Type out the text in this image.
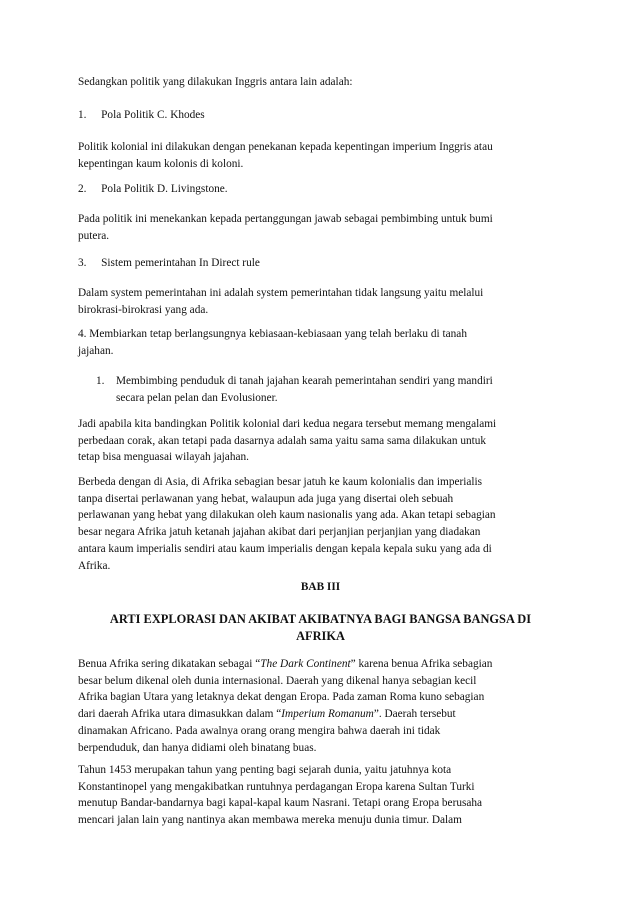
Sedangkan politik yang dilakukan Inggris antara lain adalah:
1. Pola Politik C. Khodes
Politik kolonial ini dilakukan dengan penekanan kepada kepentingan imperium Inggris atau
kepentingan kaum kolonis di koloni.
2. Pola Politik D. Livingstone.
Pada politik ini menekankan kepada pertanggungan jawab sebagai pembimbing untuk bumi
putera.
3. Sistem pemerintahan In Direct rule
Dalam system pemerintahan ini adalah system pemerintahan tidak langsung yaitu melalui
birokrasi-birokrasi yang ada.
4. Membiarkan tetap berlangsungnya kebiasaan-kebiasaan yang telah berlaku di tanah
jajahan.
1. Membimbing penduduk di tanah jajahan kearah pemerintahan sendiri yang mandiri
secara pelan pelan dan Evolusioner.
Jadi apabila kita bandingkan Politik kolonial dari kedua negara tersebut memang mengalami
perbedaan corak, akan tetapi pada dasarnya adalah sama yaitu sama sama dilakukan untuk
tetap bisa menguasai wilayah jajahan.
Berbeda dengan di Asia, di Afrika sebagian besar jatuh ke kaum kolonialis dan imperialis
tanpa disertai perlawanan yang hebat, walaupun ada juga yang disertai oleh sebuah
perlawanan yang hebat yang dilakukan oleh kaum nasionalis yang ada. Akan tetapi sebagian
besar negara Afrika jatuh ketanah jajahan akibat dari perjanjian perjanjian yang diadakan
antara kaum imperialis sendiri atau kaum imperialis dengan kepala kepala suku yang ada di
Afrika.
BAB III
ARTI EXPLORASI DAN AKIBAT AKIBATNYA BAGI BANGSA BANGSA DI
AFRIKA
Benua Afrika sering dikatakan sebagai “The Dark Continent” karena benua Afrika sebagian
besar belum dikenal oleh dunia internasional. Daerah yang dikenal hanya sebagian kecil
Afrika bagian Utara yang letaknya dekat dengan Eropa. Pada zaman Roma kuno sebagian
dari daerah Afrika utara dimasukkan dalam “Imperium Romanum”. Daerah tersebut
dinamakan Africano. Pada awalnya orang orang mengira bahwa daerah ini tidak
berpenduduk, dan hanya didiami oleh binatang buas.
Tahun 1453 merupakan tahun yang penting bagi sejarah dunia, yaitu jatuhnya kota
Konstantinopel yang mengakibatkan runtuhnya perdagangan Eropa karena Sultan Turki
menutup Bandar-bandarnya bagi kapal-kapal kaum Nasrani. Tetapi orang Eropa berusaha
mencari jalan lain yang nantinya akan membawa mereka menuju dunia timur. Dalam
